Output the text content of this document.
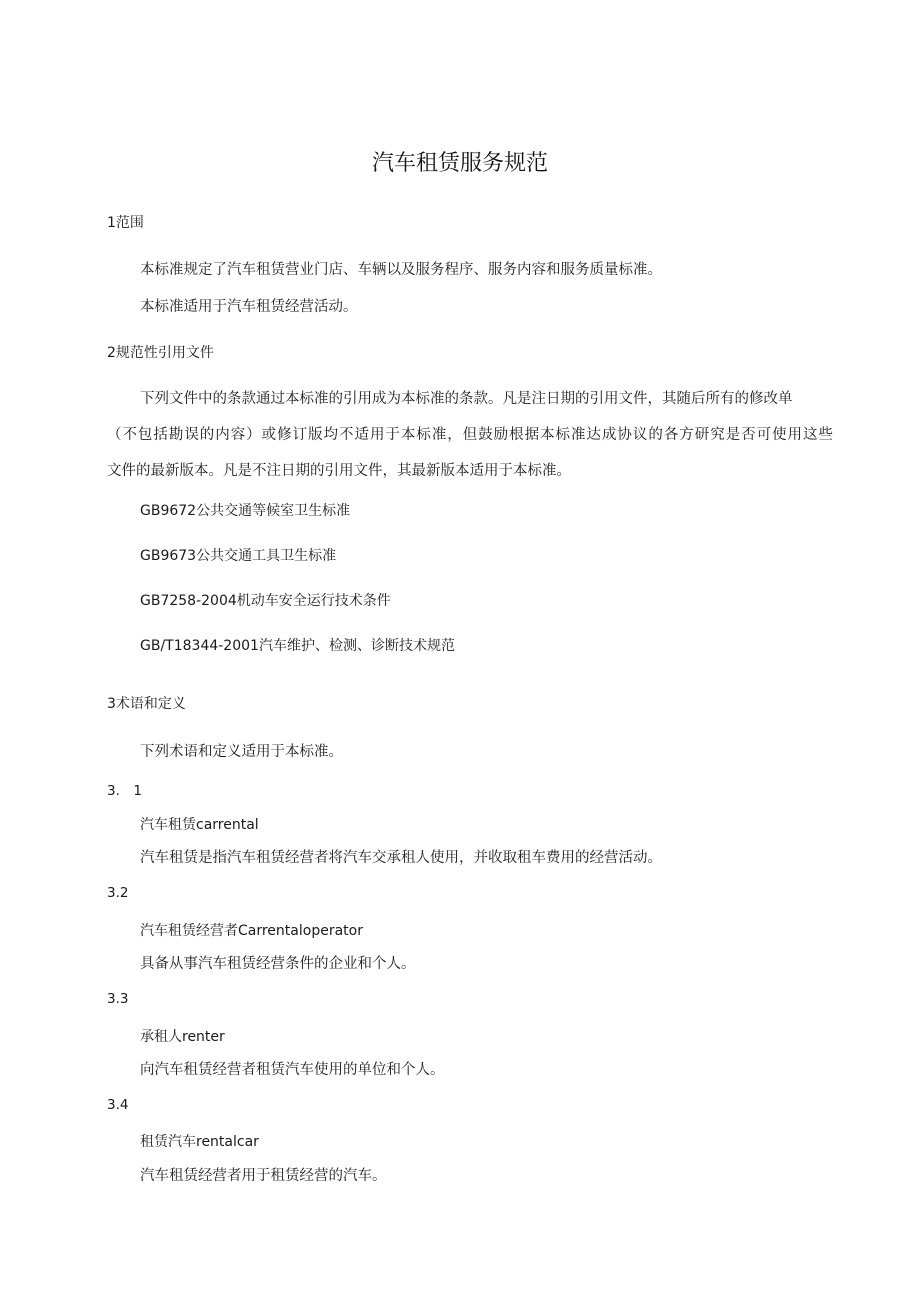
汽车租赁服务规范
1范围
本标准规定了汽车租赁营业门店、车辆以及服务程序、服务内容和服务质量标准。
本标准适用于汽车租赁经营活动。
2规范性引用文件
下列文件中的条款通过本标准的引用成为本标准的条款。凡是注日期的引用文件，其随后所有的修改单
（不包括勘误的内容）或修订版均不适用于本标准，但鼓励根据本标准达成协议的各方研究是否可使用这些
文件的最新版本。凡是不注日期的引用文件，其最新版本适用于本标准。
GB9672公共交通等候室卫生标准
GB9673公共交通工具卫生标准
GB7258-2004机动车安全运行技术条件
GB/T18344-2001汽车维护、检测、诊断技术规范
3术语和定义
下列术语和定义适用于本标准。
3.　1
汽车租赁carrental
汽车租赁是指汽车租赁经营者将汽车交承租人使用，并收取租车费用的经营活动。
3.2
汽车租赁经营者Carrentaloperator
具备从事汽车租赁经营条件的企业和个人。
3.3
承租人renter
向汽车租赁经营者租赁汽车使用的单位和个人。
3.4
租赁汽车rentalcar
汽车租赁经营者用于租赁经营的汽车。
